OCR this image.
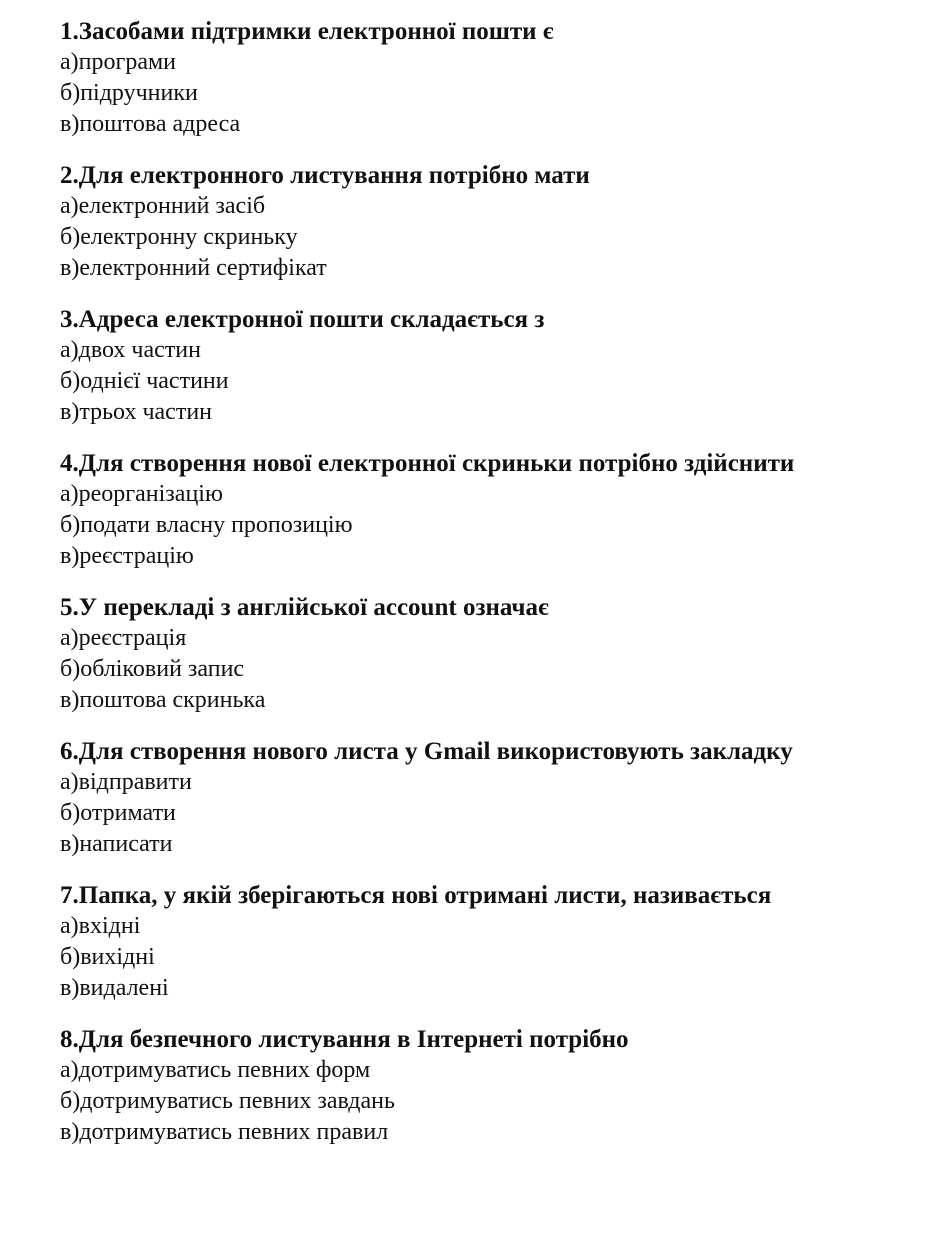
1.Засобами підтримки електронної пошти є

а)програми

б)підручники

в)поштова адреса

2.Для електронного листування потрібно мати

а)електронний засіб

б)електронну скриньку

в)електронний сертифікат

3.Адреса електронної пошти складається з

а)двох частин

б)однієї частини

в)трьох частин

4.Для створення нової електронної скриньки потрібно здійснити

а)реорганізацію

б)подати власну пропозицію

в)реєстрацію

5.У перекладі з англійської account означає

а)реєстрація

б)обліковий запис

в)поштова скринька

6.Для створення нового листа у Gmail використовують закладку

а)відправити

б)отримати

в)написати

7.Папка, у якій зберігаються нові отримані листи, називається

а)вхідні

б)вихідні

в)видалені

8.Для безпечного листування в Інтернеті потрібно

а)дотримуватись певних форм

б)дотримуватись певних завдань

в)дотримуватись певних правил
